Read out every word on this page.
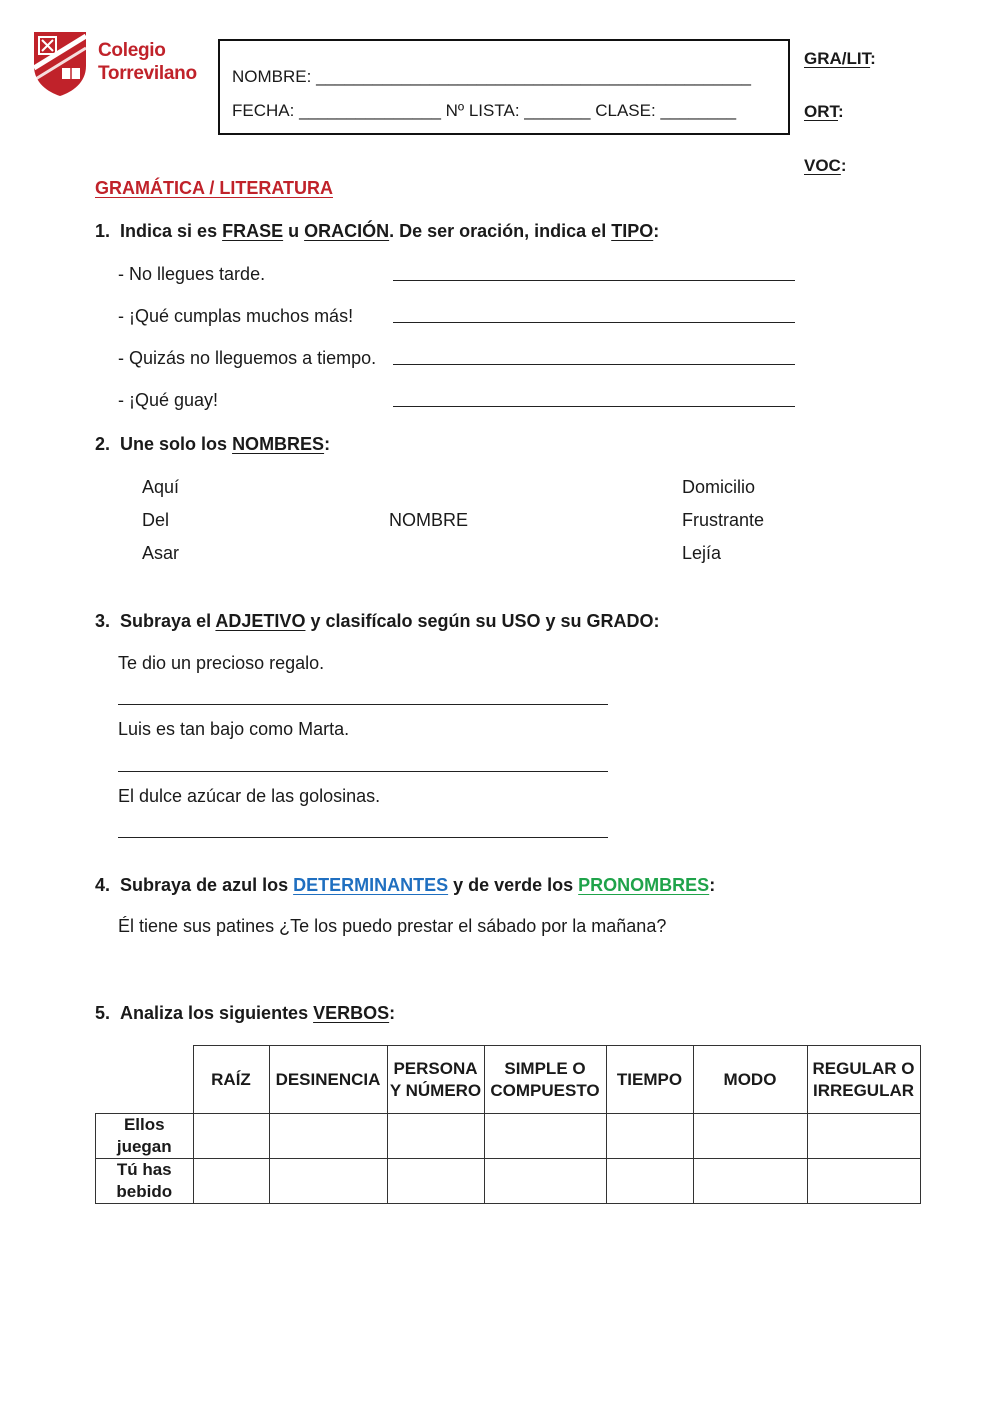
Colegio
Torrevilano NOMBRE: ______________________________________________
FECHA: _______________ Nº LISTA: _______ CLASE: ________
GRA/LIT:
ORT:
VOC:
GRAMÁTICA / LITERATURA
1. Indica si es FRASE u ORACIÓN. De ser oración, indica el TIPO:
- No llegues tarde.
- ¡Qué cumplas muchos más!
- Quizás no lleguemos a tiempo.
- ¡Qué guay!
2. Une solo los NOMBRES:
Aquí
Del
Asar
NOMBRE
Domicilio
Frustrante
Lejía
3. Subraya el ADJETIVO y clasifícalo según su USO y su GRADO:
Te dio un precioso regalo.
Luis es tan bajo como Marta.
El dulce azúcar de las golosinas.
4. Subraya de azul los DETERMINANTES y de verde los PRONOMBRES:
Él tiene sus patines ¿Te los puedo prestar el sábado por la mañana?
5. Analiza los siguientes VERBOS:
	RAÍZ	DESINENCIA	PERSONA Y NÚMERO	SIMPLE O COMPUESTO	TIEMPO	MODO	REGULAR O IRREGULAR
Ellos juegan							
Tú has bebido							
